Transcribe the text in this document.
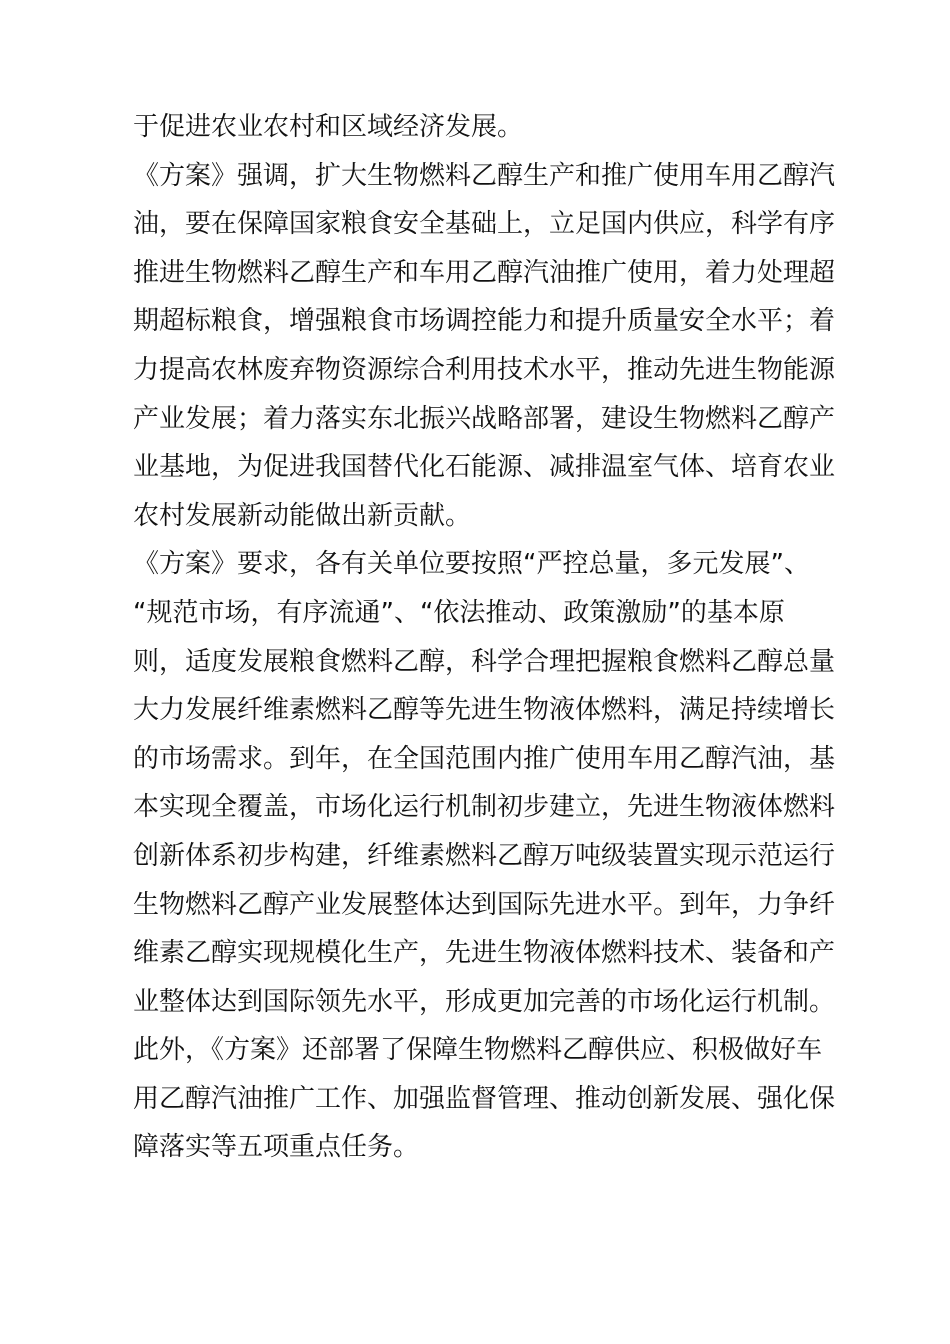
于促进农业农村和区域经济发展。
《方案》强调，扩大生物燃料乙醇生产和推广使用车用乙醇汽
油，要在保障国家粮食安全基础上，立足国内供应，科学有序
推进生物燃料乙醇生产和车用乙醇汽油推广使用，着力处理超
期超标粮食，增强粮食市场调控能力和提升质量安全水平；着
力提高农林废弃物资源综合利用技术水平，推动先进生物能源
产业发展；着力落实东北振兴战略部署，建设生物燃料乙醇产
业基地，为促进我国替代化石能源、减排温室气体、培育农业
农村发展新动能做出新贡献。
《方案》要求，各有关单位要按照“严控总量，多元发展”、
“规范市场，有序流通”、“依法推动、政策激励”的基本原
则，适度发展粮食燃料乙醇，科学合理把握粮食燃料乙醇总量
大力发展纤维素燃料乙醇等先进生物液体燃料，满足持续增长
的市场需求。到年，在全国范围内推广使用车用乙醇汽油，基
本实现全覆盖，市场化运行机制初步建立，先进生物液体燃料
创新体系初步构建，纤维素燃料乙醇万吨级装置实现示范运行
生物燃料乙醇产业发展整体达到国际先进水平。到年，力争纤
维素乙醇实现规模化生产，先进生物液体燃料技术、装备和产
业整体达到国际领先水平，形成更加完善的市场化运行机制。
此外，《方案》还部署了保障生物燃料乙醇供应、积极做好车
用乙醇汽油推广工作、加强监督管理、推动创新发展、强化保
障落实等五项重点任务。
